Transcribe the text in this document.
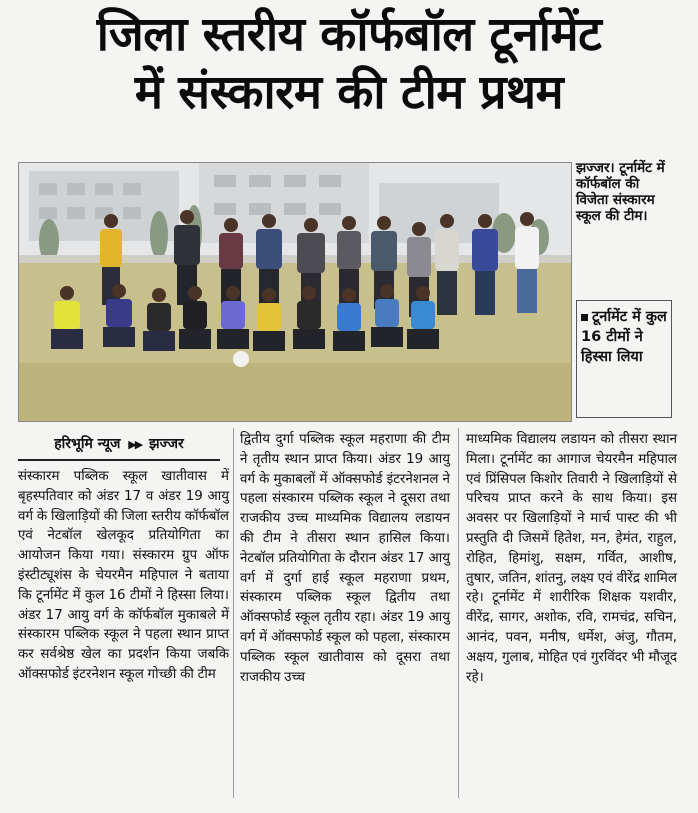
जिला स्तरीय कॉर्फबॉल टूर्नामेंट
में संस्कारम की टीम प्रथम
झज्जर। टूर्नामेंट में कॉर्फबॉल की विजेता संस्कारम स्कूल की टीम।
टूर्नामेंट में कुल 16 टीमों ने हिस्सा लिया
हरिभूमि न्यूज ▶▶ झज्जर
संस्कारम पब्लिक स्कूल खातीवास में बृहस्पतिवार को अंडर 17 व अंडर 19 आयु वर्ग के खिलाड़ियों की जिला स्तरीय कॉर्फबॉल एवं नेटबॉल खेलकूद प्रतियोगिता का आयोजन किया गया। संस्कारम ग्रुप ऑफ इंस्टीट्यूशंस के चेयरमैन महिपाल ने बताया कि टूर्नामेंट में कुल 16 टीमों ने हिस्सा लिया। अंडर 17 आयु वर्ग के कॉर्फबॉल मुकाबले में संस्कारम पब्लिक स्कूल ने पहला स्थान प्राप्त कर सर्वश्रेष्ठ खेल का प्रदर्शन किया जबकि ऑक्सफोर्ड इंटरनेशन स्कूल गोच्छी की टीम
द्वितीय दुर्गा पब्लिक स्कूल महराणा की टीम ने तृतीय स्थान प्राप्त किया। अंडर 19 आयु वर्ग के मुकाबलों में ऑक्सफोर्ड इंटरनेशनल ने पहला संस्कारम पब्लिक स्कूल ने दूसरा तथा राजकीय उच्च माध्यमिक विद्यालय लडायन की टीम ने तीसरा स्थान हासिल किया। नेटबॉल प्रतियोगिता के दौरान अंडर 17 आयु वर्ग में दुर्गा हाई स्कूल महराणा प्रथम, संस्कारम पब्लिक स्कूल द्वितीय तथा ऑक्सफोर्ड स्कूल तृतीय रहा। अंडर 19 आयु वर्ग में ऑक्सफोर्ड स्कूल को पहला, संस्कारम पब्लिक स्कूल खातीवास को दूसरा तथा राजकीय उच्च
माध्यमिक विद्यालय लडायन को तीसरा स्थान मिला। टूर्नामेंट का आगाज चेयरमैन महिपाल एवं प्रिंसिपल किशोर तिवारी ने खिलाड़ियों से परिचय प्राप्त करने के साथ किया। इस अवसर पर खिलाड़ियों ने मार्च पास्ट की भी प्रस्तुति दी जिसमें हितेश, मन, हेमंत, राहुल, रोहित, हिमांशु, सक्षम, गर्वित, आशीष, तुषार, जतिन, शांतनु, लक्ष्य एवं वीरेंद्र शामिल रहे। टूर्नामेंट में शारीरिक शिक्षक यशवीर, वीरेंद्र, सागर, अशोक, रवि, रामचंद्र, सचिन, आनंद, पवन, मनीष, धर्मेश, अंजु, गौतम, अक्षय, गुलाब, मोहित एवं गुरविंदर भी मौजूद रहे।
